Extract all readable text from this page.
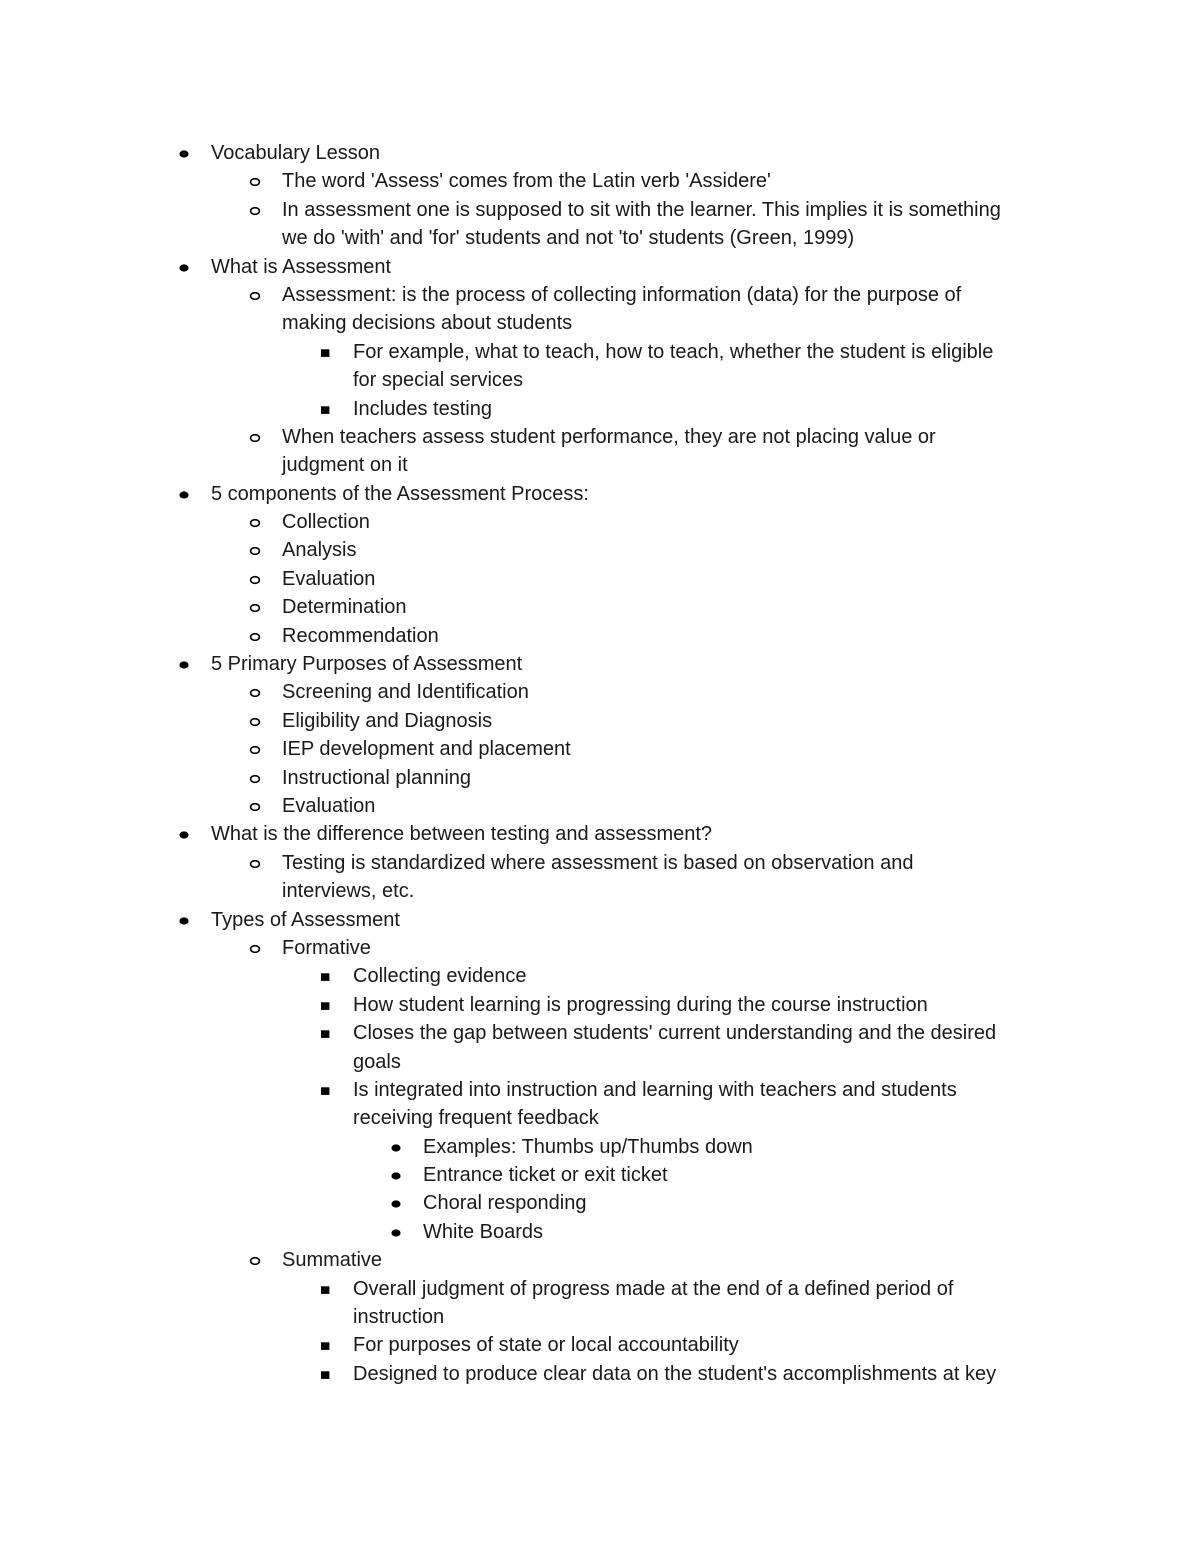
Vocabulary Lesson
The word 'Assess' comes from the Latin verb 'Assidere'
In assessment one is supposed to sit with the learner. This implies it is something
we do 'with' and 'for' students and not 'to' students (Green, 1999)
What is Assessment
Assessment: is the process of collecting information (data) for the purpose of
making decisions about students
For example, what to teach, how to teach, whether the student is eligible
for special services
Includes testing
When teachers assess student performance, they are not placing value or
judgment on it
5 components of the Assessment Process:
Collection
Analysis
Evaluation
Determination
Recommendation
5 Primary Purposes of Assessment
Screening and Identification
Eligibility and Diagnosis
IEP development and placement
Instructional planning
Evaluation
What is the difference between testing and assessment?
Testing is standardized where assessment is based on observation and
interviews, etc.
Types of Assessment
Formative
Collecting evidence
How student learning is progressing during the course instruction
Closes the gap between students' current understanding and the desired
goals
Is integrated into instruction and learning with teachers and students
receiving frequent feedback
Examples: Thumbs up/Thumbs down
Entrance ticket or exit ticket
Choral responding
White Boards
Summative
Overall judgment of progress made at the end of a defined period of
instruction
For purposes of state or local accountability
Designed to produce clear data on the student's accomplishments at key
